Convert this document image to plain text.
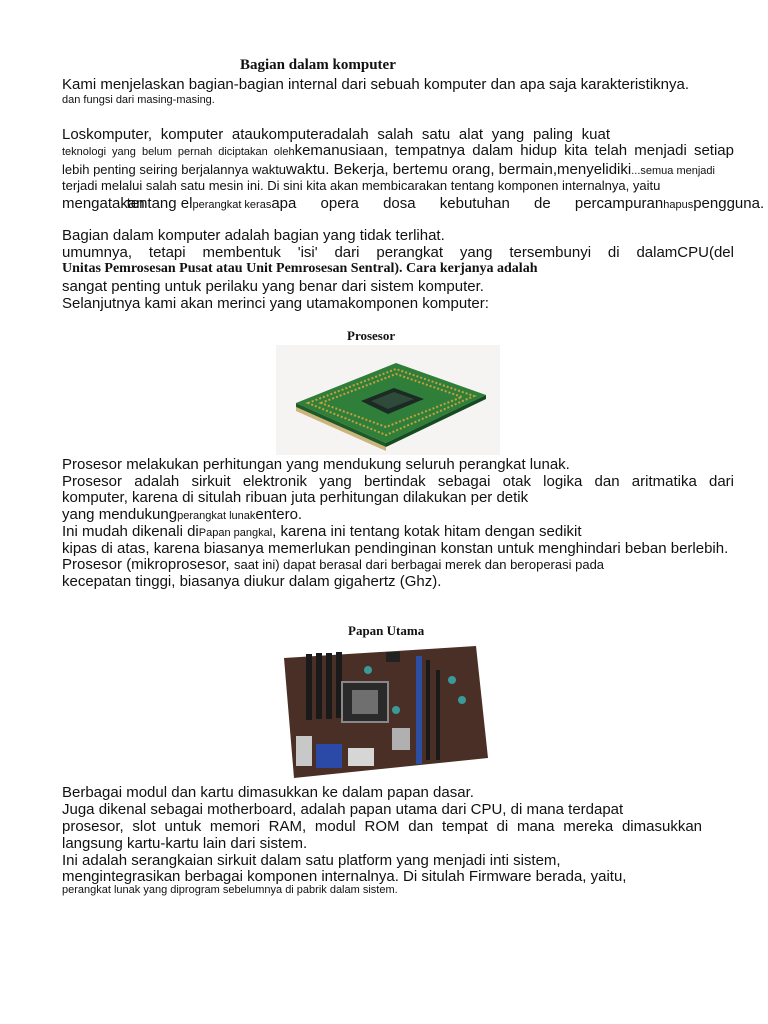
Bagian dalam komputer
Kami menjelaskan bagian-bagian internal dari sebuah komputer dan apa saja karakteristiknya.
dan fungsi dari masing-masing.
Loskomputer, komputer ataukomputeradalah salah satu alat yang paling kuat
teknologi yang belum pernah diciptakan olehkemanusiaan, tempatnya dalam hidup kita telah menjadi setiap
lebih penting seiring berjalannya waktuwaktu. Bekerja, bertemu orang, bermain,menyelidiki...semua menjadi
terjadi melalui salah satu mesin ini. Di sini kita akan membicarakan tentang komponen internalnya, yaitu
mengatakantentang elperangkat kerasapa opera dosa kebutuhan de percampuranhapuspengguna.
Bagian dalam komputer adalah bagian yang tidak terlihat.
umumnya, tetapi membentuk 'isi' dari perangkat yang tersembunyi di dalamCPU(del
Unitas Pemrosesan Pusat atau Unit Pemrosesan Sentral). Cara kerjanya adalah
sangat penting untuk perilaku yang benar dari sistem komputer.
Selanjutnya kami akan merinci yang utamakomponen komputer:
Prosesor
Prosesor melakukan perhitungan yang mendukung seluruh perangkat lunak.
Prosesor adalah sirkuit elektronik yang bertindak sebagai otak logika dan aritmatika dari
komputer, karena di situlah ribuan juta perhitungan dilakukan per detik
yang mendukungperangkat lunakentero.
Ini mudah dikenali diPapan pangkal, karena ini tentang kotak hitam dengan sedikit
kipas di atas, karena biasanya memerlukan pendinginan konstan untuk menghindari beban berlebih.
Prosesor (mikroprosesor, saat ini) dapat berasal dari berbagai merek dan beroperasi pada
kecepatan tinggi, biasanya diukur dalam gigahertz (Ghz).
Papan Utama
Berbagai modul dan kartu dimasukkan ke dalam papan dasar.
Juga dikenal sebagai motherboard, adalah papan utama dari CPU, di mana terdapat
prosesor, slot untuk memori RAM, modul ROM dan tempat di mana mereka dimasukkan
langsung kartu-kartu lain dari sistem.
Ini adalah serangkaian sirkuit dalam satu platform yang menjadi inti sistem,
mengintegrasikan berbagai komponen internalnya. Di situlah Firmware berada, yaitu,
perangkat lunak yang diprogram sebelumnya di pabrik dalam sistem.
